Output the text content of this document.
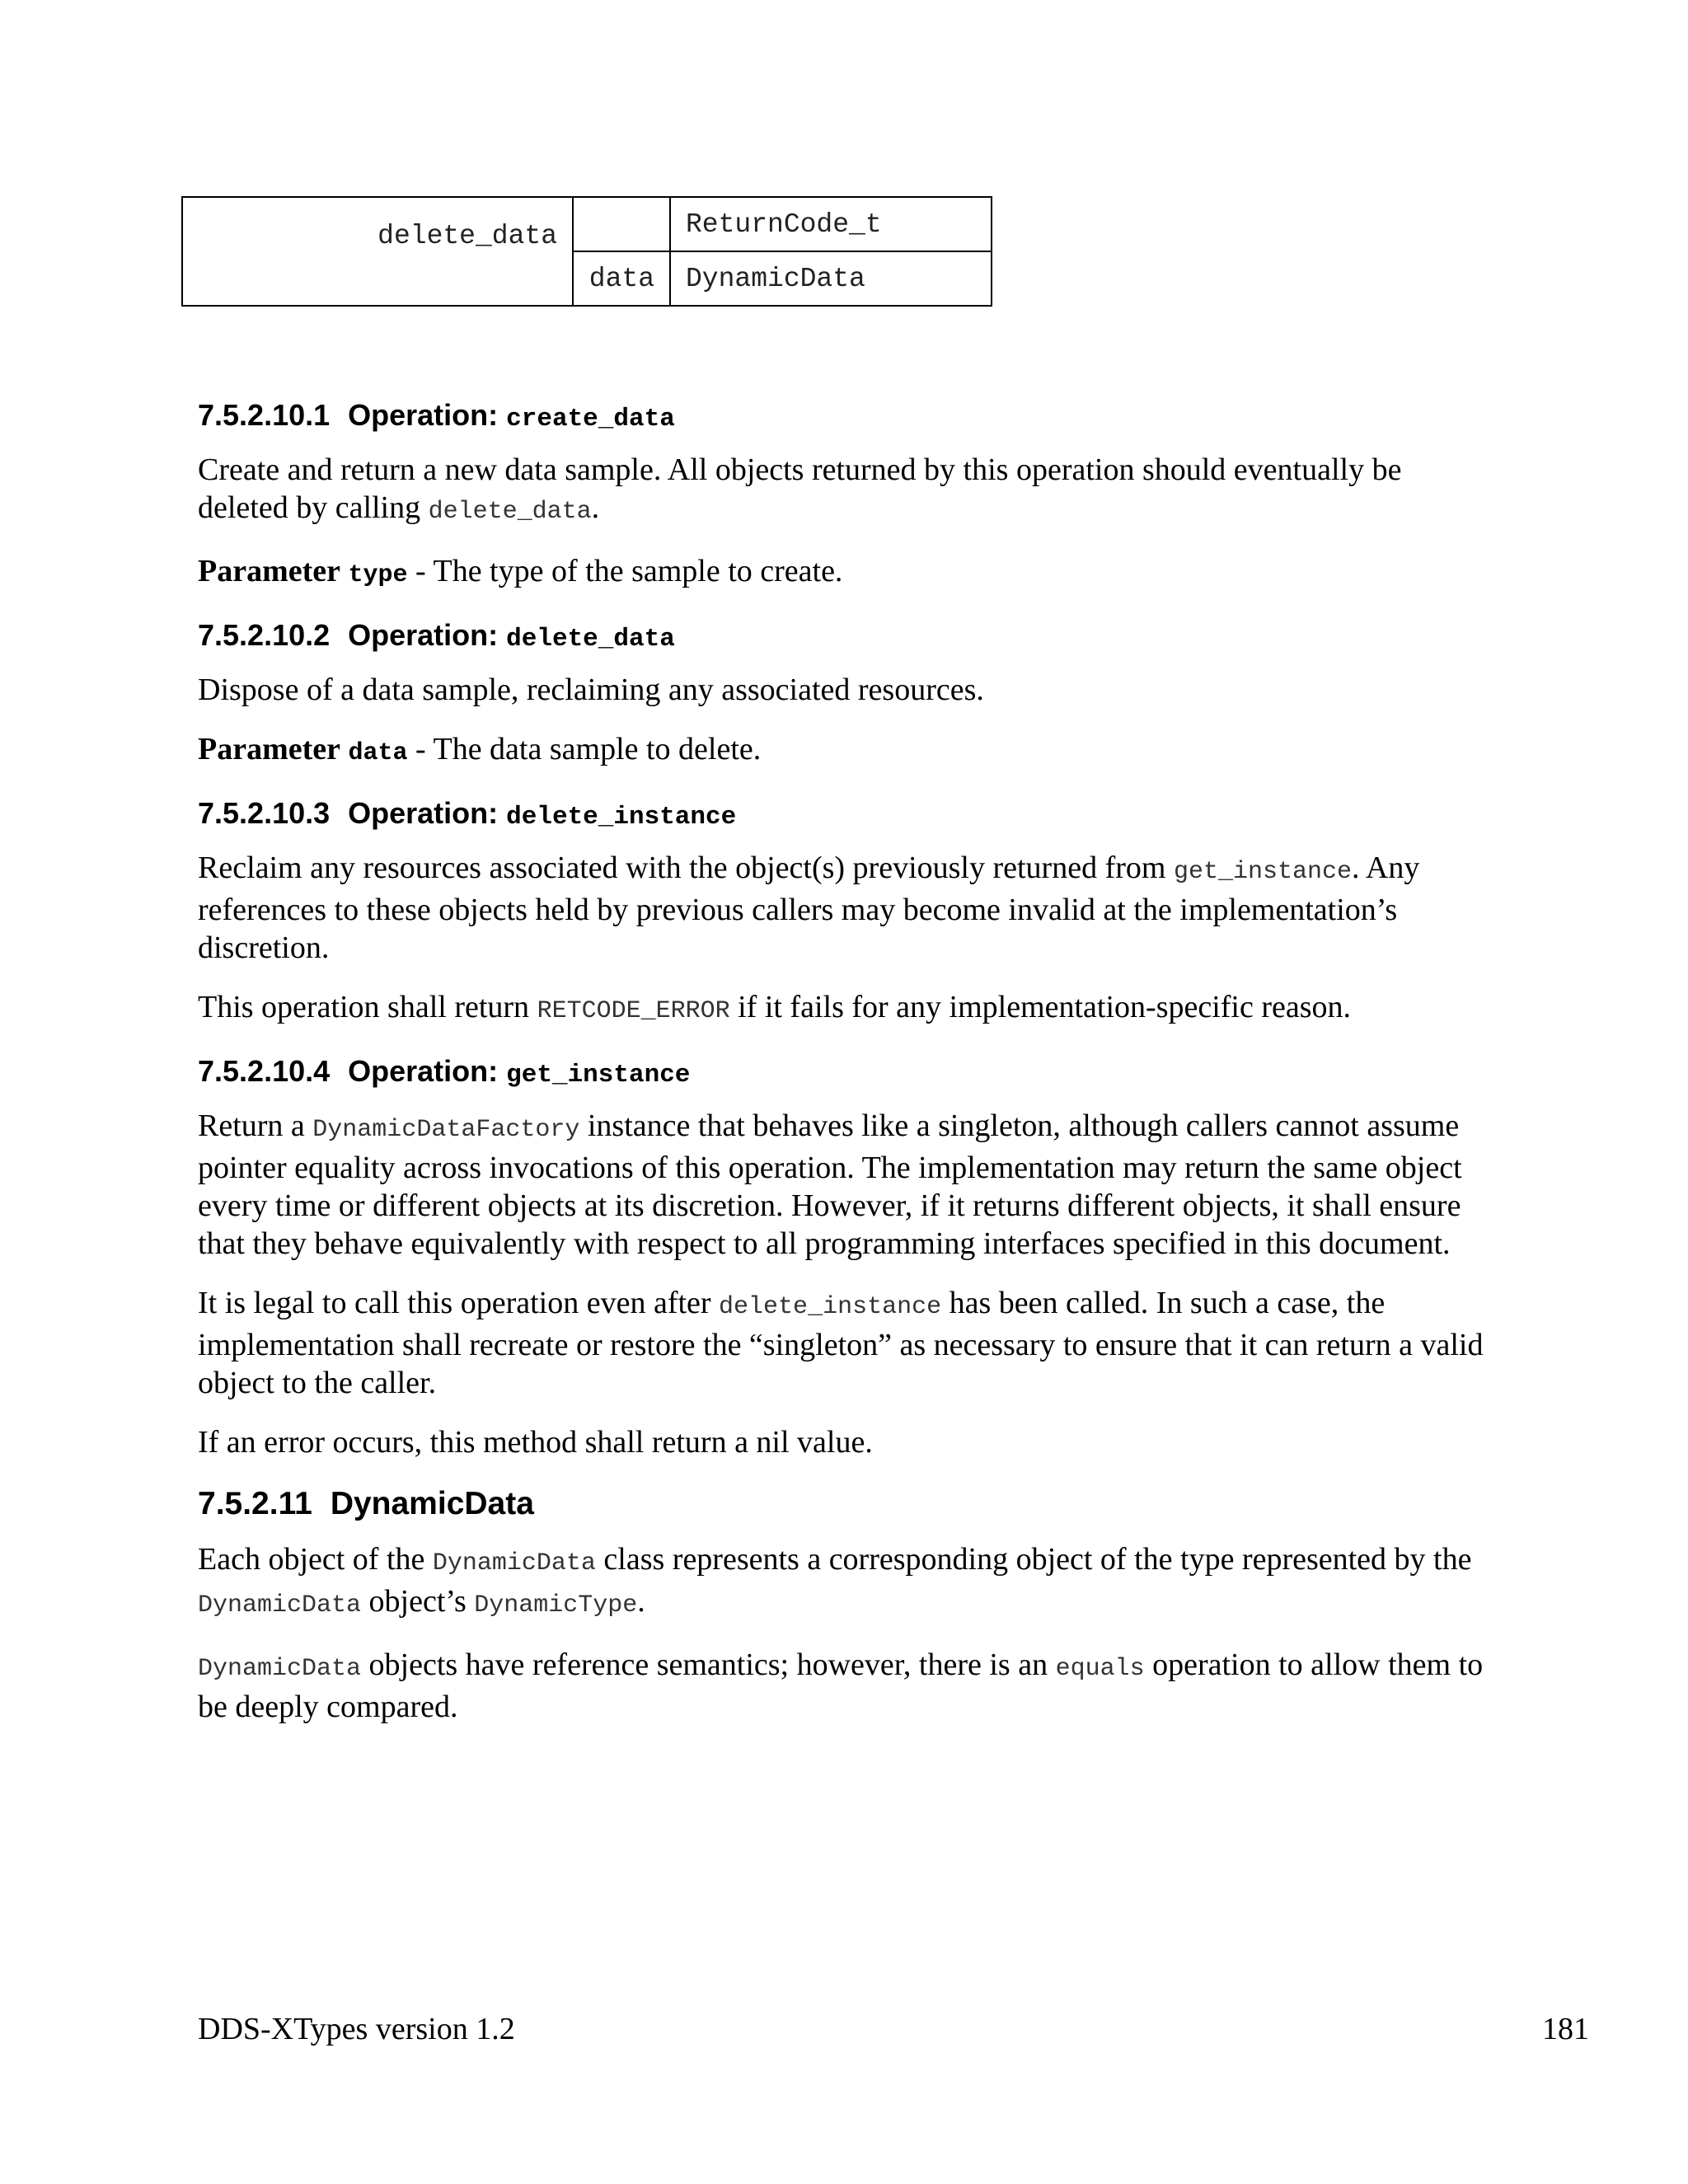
delete_data		ReturnCode_t
	data	DynamicData
7.5.2.10.1 Operation: create_data

Create and return a new data sample. All objects returned by this operation should eventually be deleted by calling delete_data.

Parameter type - The type of the sample to create.

7.5.2.10.2 Operation: delete_data

Dispose of a data sample, reclaiming any associated resources.

Parameter data - The data sample to delete.

7.5.2.10.3 Operation: delete_instance

Reclaim any resources associated with the object(s) previously returned from get_instance. Any references to these objects held by previous callers may become invalid at the implementation’s discretion.

This operation shall return RETCODE_ERROR if it fails for any implementation-specific reason.

7.5.2.10.4 Operation: get_instance

Return a DynamicDataFactory instance that behaves like a singleton, although callers cannot assume pointer equality across invocations of this operation. The implementation may return the same object every time or different objects at its discretion. However, if it returns different objects, it shall ensure that they behave equivalently with respect to all programming interfaces specified in this document.

It is legal to call this operation even after delete_instance has been called. In such a case, the implementation shall recreate or restore the “singleton” as necessary to ensure that it can return a valid object to the caller.

If an error occurs, this method shall return a nil value.

7.5.2.11 DynamicData

Each object of the DynamicData class represents a corresponding object of the type represented by the DynamicData object’s DynamicType.

DynamicData objects have reference semantics; however, there is an equals operation to allow them to be deeply compared.

DDS-XTypes version 1.2	181
